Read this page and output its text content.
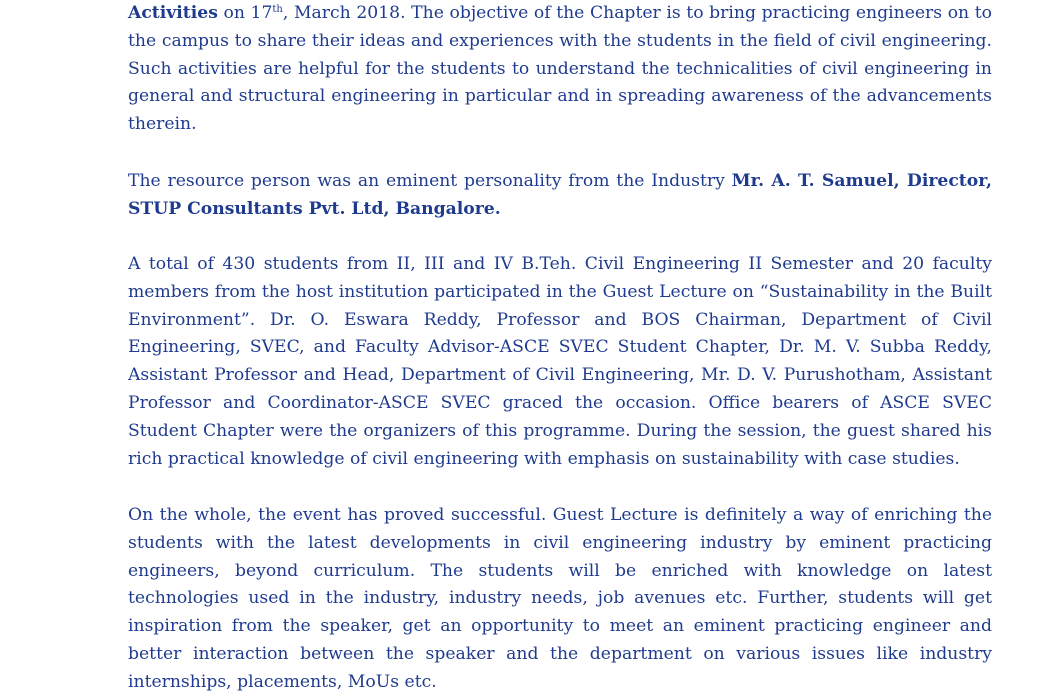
Activities on 17th, March 2018. The objective of the Chapter is to bring practicing engineers on to the campus to share their ideas and experiences with the students in the field of civil engineering. Such activities are helpful for the students to understand the technicalities of civil engineering in general and structural engineering in particular and in spreading awareness of the advancements therein.

The resource person was an eminent personality from the Industry Mr. A. T. Samuel, Director, STUP Consultants Pvt. Ltd, Bangalore.

A total of 430 students from II, III and IV B.Teh. Civil Engineering II Semester and 20 faculty members from the host institution participated in the Guest Lecture on “Sustainability in the Built Environment”. Dr. O. Eswara Reddy, Professor and BOS Chairman, Department of Civil Engineering, SVEC, and Faculty Advisor-ASCE SVEC Student Chapter, Dr. M. V. Subba Reddy, Assistant Professor and Head, Department of Civil Engineering, Mr. D. V. Purushotham, Assistant Professor and Coordinator-ASCE SVEC graced the occasion. Office bearers of ASCE SVEC Student Chapter were the organizers of this programme. During the session, the guest shared his rich practical knowledge of civil engineering with emphasis on sustainability with case studies.

On the whole, the event has proved successful. Guest Lecture is definitely a way of enriching the students with the latest developments in civil engineering industry by eminent practicing engineers, beyond curriculum. The students will be enriched with knowledge on latest technologies used in the industry, industry needs, job avenues etc. Further, students will get inspiration from the speaker, get an opportunity to meet an eminent practicing engineer and better interaction between the speaker and the department on various issues like industry internships, placements, MoUs etc.
